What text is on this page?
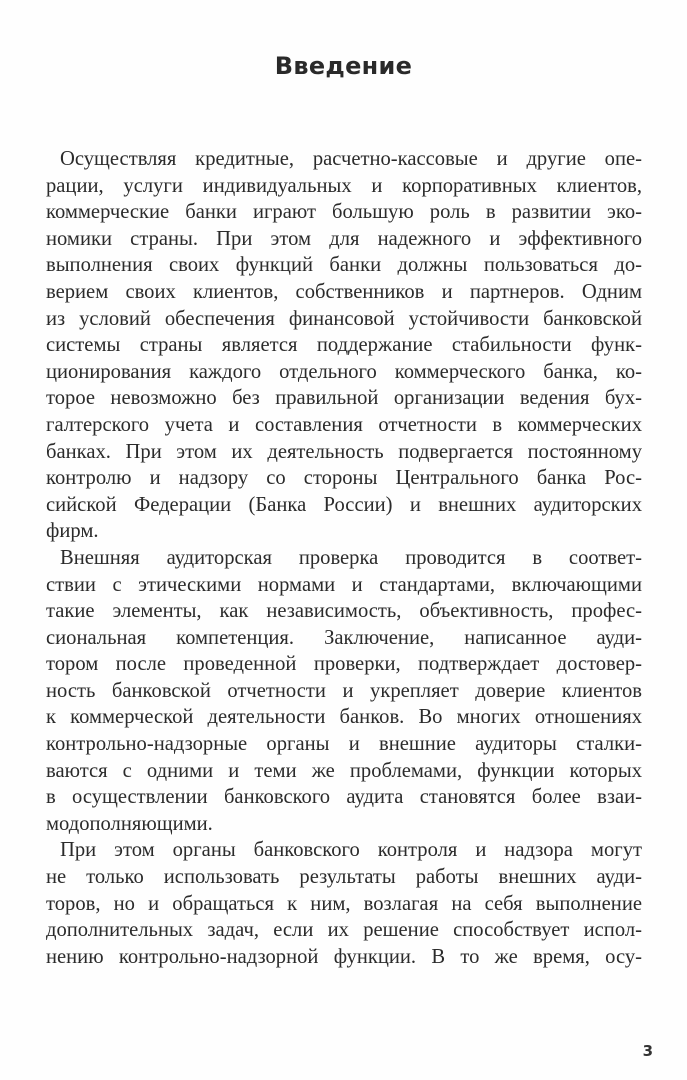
Введение
Осуществляя кредитные, расчетно-кассовые и другие опе-
рации, услуги индивидуальных и корпоративных клиентов,
коммерческие банки играют большую роль в развитии эко-
номики страны. При этом для надежного и эффективного
выполнения своих функций банки должны пользоваться до-
верием своих клиентов, собственников и партнеров. Одним
из условий обеспечения финансовой устойчивости банковской
системы страны является поддержание стабильности функ-
ционирования каждого отдельного коммерческого банка, ко-
торое невозможно без правильной организации ведения бух-
галтерского учета и составления отчетности в коммерческих
банках. При этом их деятельность подвергается постоянному
контролю и надзору со стороны Центрального банка Рос-
сийской Федерации (Банка России) и внешних аудиторских
фирм.
Внешняя аудиторская проверка проводится в соответ-
ствии с этическими нормами и стандартами, включающими
такие элементы, как независимость, объективность, профес-
сиональная компетенция. Заключение, написанное ауди-
тором после проведенной проверки, подтверждает достовер-
ность банковской отчетности и укрепляет доверие клиентов
к коммерческой деятельности банков. Во многих отношениях
контрольно-надзорные органы и внешние аудиторы сталки-
ваются с одними и теми же проблемами, функции которых
в осуществлении банковского аудита становятся более взаи-
модополняющими.
При этом органы банковского контроля и надзора могут
не только использовать результаты работы внешних ауди-
торов, но и обращаться к ним, возлагая на себя выполнение
дополнительных задач, если их решение способствует испол-
нению контрольно-надзорной функции. В то же время, осу-
3
